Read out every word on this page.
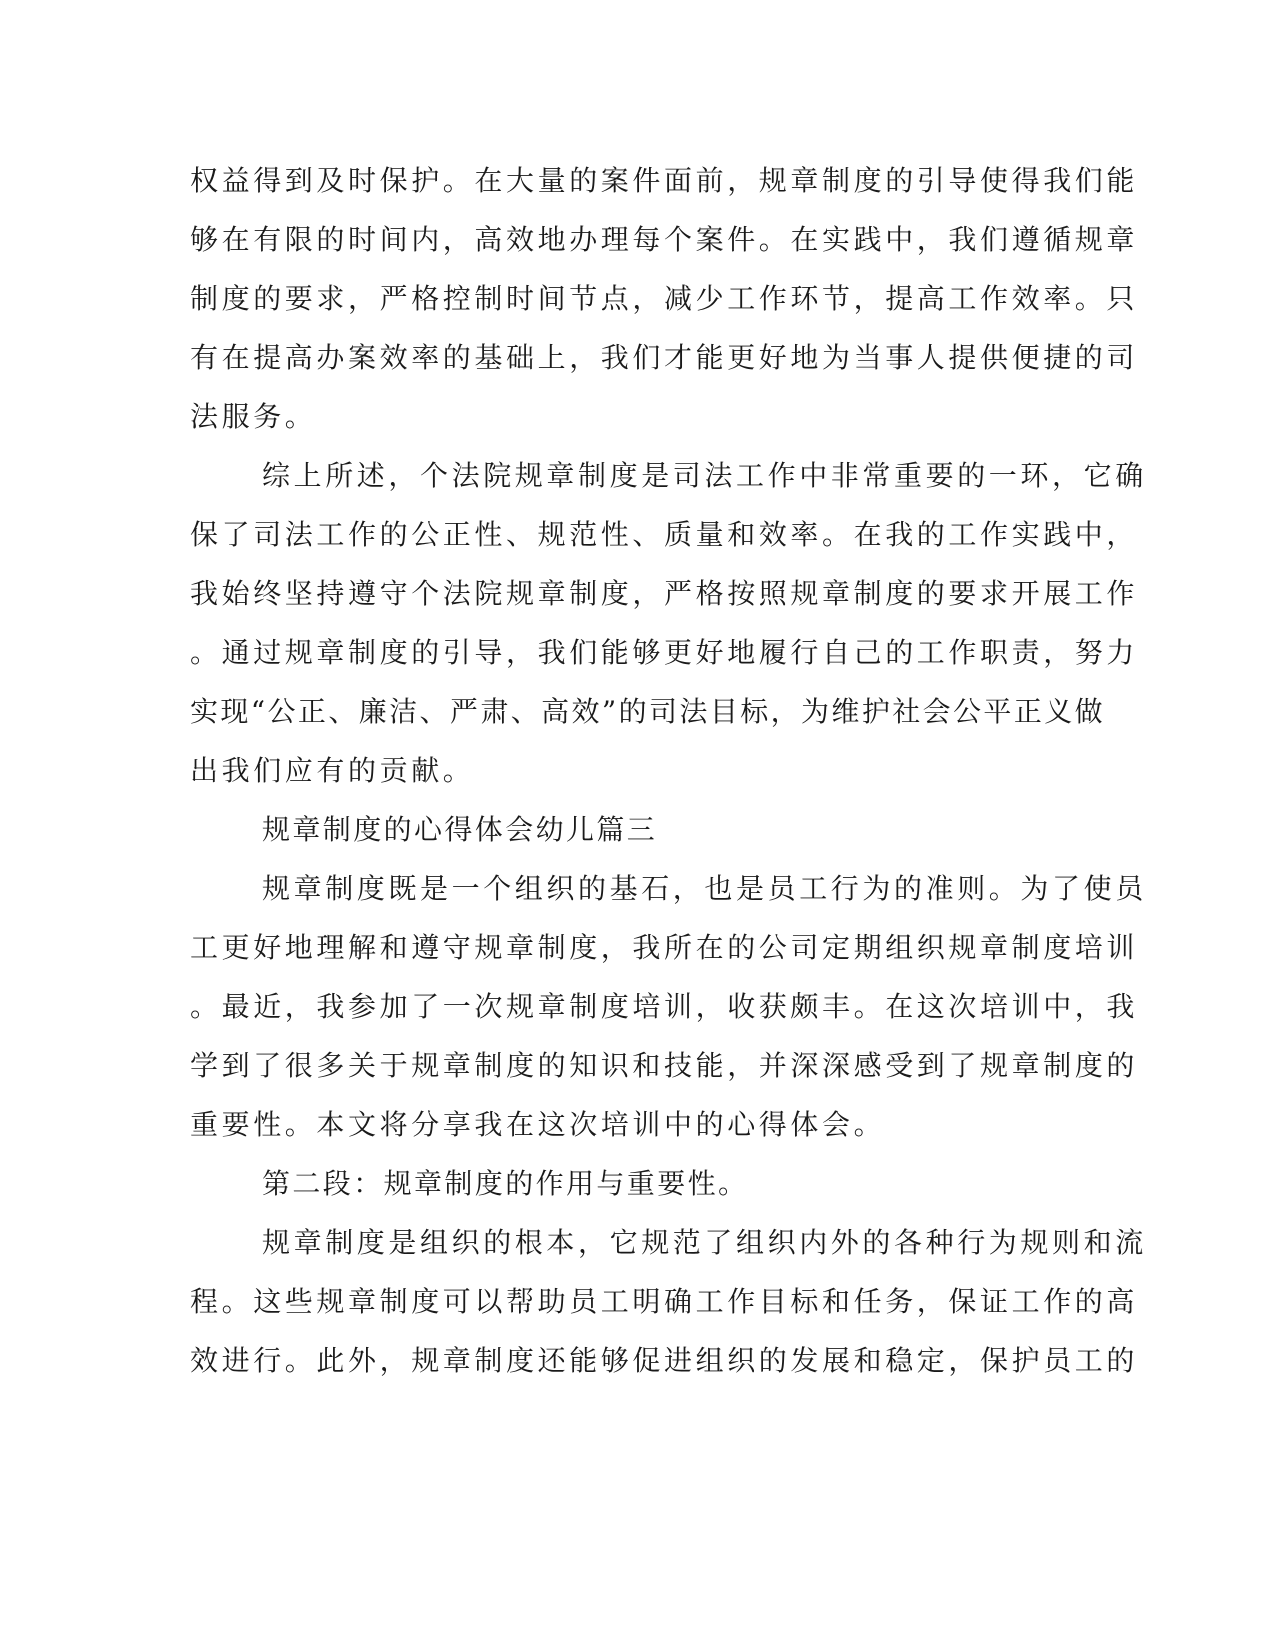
权益得到及时保护。在大量的案件面前，规章制度的引导使得我们能
够在有限的时间内，高效地办理每个案件。在实践中，我们遵循规章
制度的要求，严格控制时间节点，减少工作环节，提高工作效率。只
有在提高办案效率的基础上，我们才能更好地为当事人提供便捷的司
法服务。
综上所述，个法院规章制度是司法工作中非常重要的一环，它确
保了司法工作的公正性、规范性、质量和效率。在我的工作实践中，
我始终坚持遵守个法院规章制度，严格按照规章制度的要求开展工作
。通过规章制度的引导，我们能够更好地履行自己的工作职责，努力
实现“公正、廉洁、严肃、高效”的司法目标，为维护社会公平正义做
出我们应有的贡献。
规章制度的心得体会幼儿篇三
规章制度既是一个组织的基石，也是员工行为的准则。为了使员
工更好地理解和遵守规章制度，我所在的公司定期组织规章制度培训
。最近，我参加了一次规章制度培训，收获颇丰。在这次培训中，我
学到了很多关于规章制度的知识和技能，并深深感受到了规章制度的
重要性。本文将分享我在这次培训中的心得体会。
第二段：规章制度的作用与重要性。
规章制度是组织的根本，它规范了组织内外的各种行为规则和流
程。这些规章制度可以帮助员工明确工作目标和任务，保证工作的高
效进行。此外，规章制度还能够促进组织的发展和稳定，保护员工的
